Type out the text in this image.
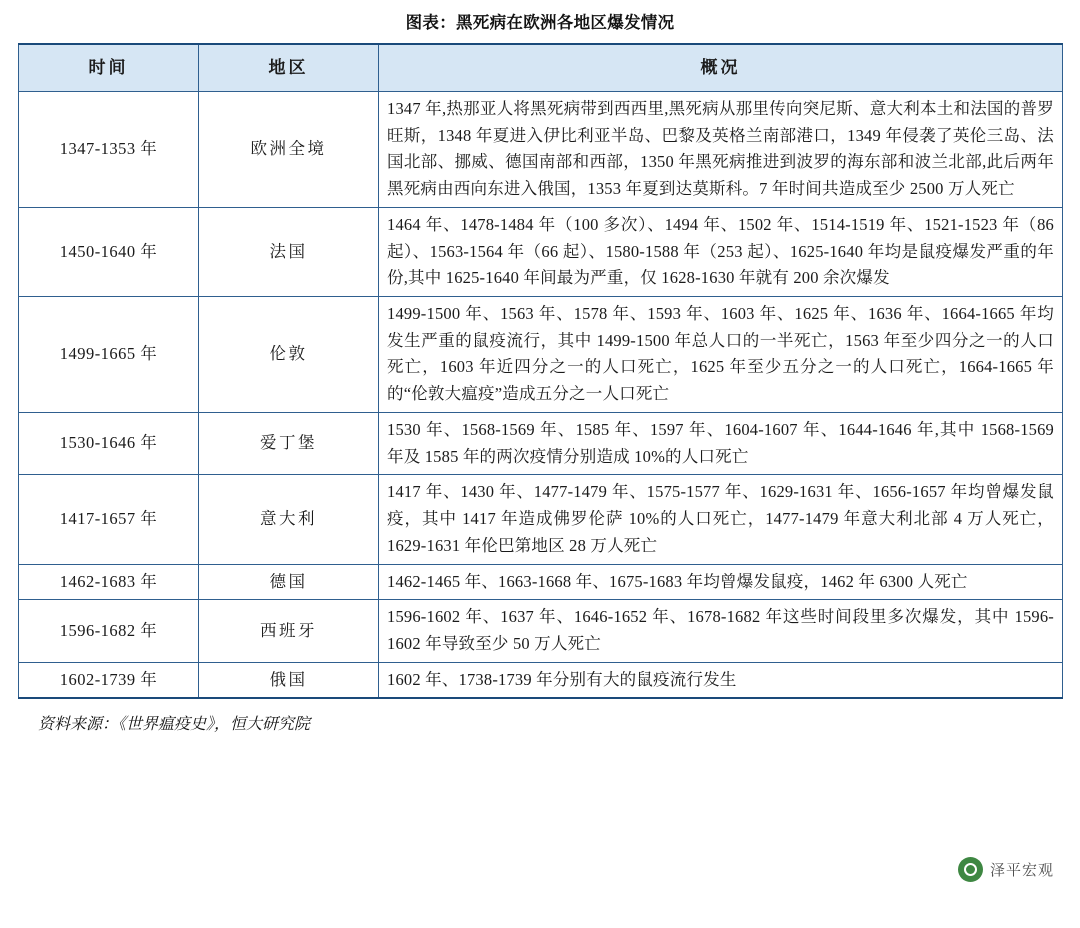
图表：黑死病在欧洲各地区爆发情况
时间	地区	概况
1347-1353 年	欧洲全境	1347 年,热那亚人将黑死病带到西西里,黑死病从那里传向突尼斯、意大利本土和法国的普罗旺斯，1348 年夏进入伊比利亚半岛、巴黎及英格兰南部港口，1349 年侵袭了英伦三岛、法国北部、挪威、德国南部和西部，1350 年黑死病推进到波罗的海东部和波兰北部,此后两年黑死病由西向东进入俄国，1353 年夏到达莫斯科。7 年时间共造成至少 2500 万人死亡
1450-1640 年	法国	1464 年、1478-1484 年（100 多次）、1494 年、1502 年、1514-1519 年、1521-1523 年（86 起）、1563-1564 年（66 起）、1580-1588 年（253 起）、1625-1640 年均是鼠疫爆发严重的年份,其中 1625-1640 年间最为严重，仅 1628-1630 年就有 200 余次爆发
1499-1665 年	伦敦	1499-1500 年、1563 年、1578 年、1593 年、1603 年、1625 年、1636 年、1664-1665 年均发生严重的鼠疫流行，其中 1499-1500 年总人口的一半死亡，1563 年至少四分之一的人口死亡，1603 年近四分之一的人口死亡，1625 年至少五分之一的人口死亡，1664-1665 年的“伦敦大瘟疫”造成五分之一人口死亡
1530-1646 年	爱丁堡	1530 年、1568-1569 年、1585 年、1597 年、1604-1607 年、1644-1646 年,其中 1568-1569 年及 1585 年的两次疫情分别造成 10%的人口死亡
1417-1657 年	意大利	1417 年、1430 年、1477-1479 年、1575-1577 年、1629-1631 年、1656-1657 年均曾爆发鼠疫，其中 1417 年造成佛罗伦萨 10%的人口死亡，1477-1479 年意大利北部 4 万人死亡，1629-1631 年伦巴第地区 28 万人死亡
1462-1683 年	德国	1462-1465 年、1663-1668 年、1675-1683 年均曾爆发鼠疫，1462 年 6300 人死亡
1596-1682 年	西班牙	1596-1602 年、1637 年、1646-1652 年、1678-1682 年这些时间段里多次爆发，其中 1596-1602 年导致至少 50 万人死亡
1602-1739 年	俄国	1602 年、1738-1739 年分别有大的鼠疫流行发生
资料来源：《世界瘟疫史》，恒大研究院
泽平宏观
